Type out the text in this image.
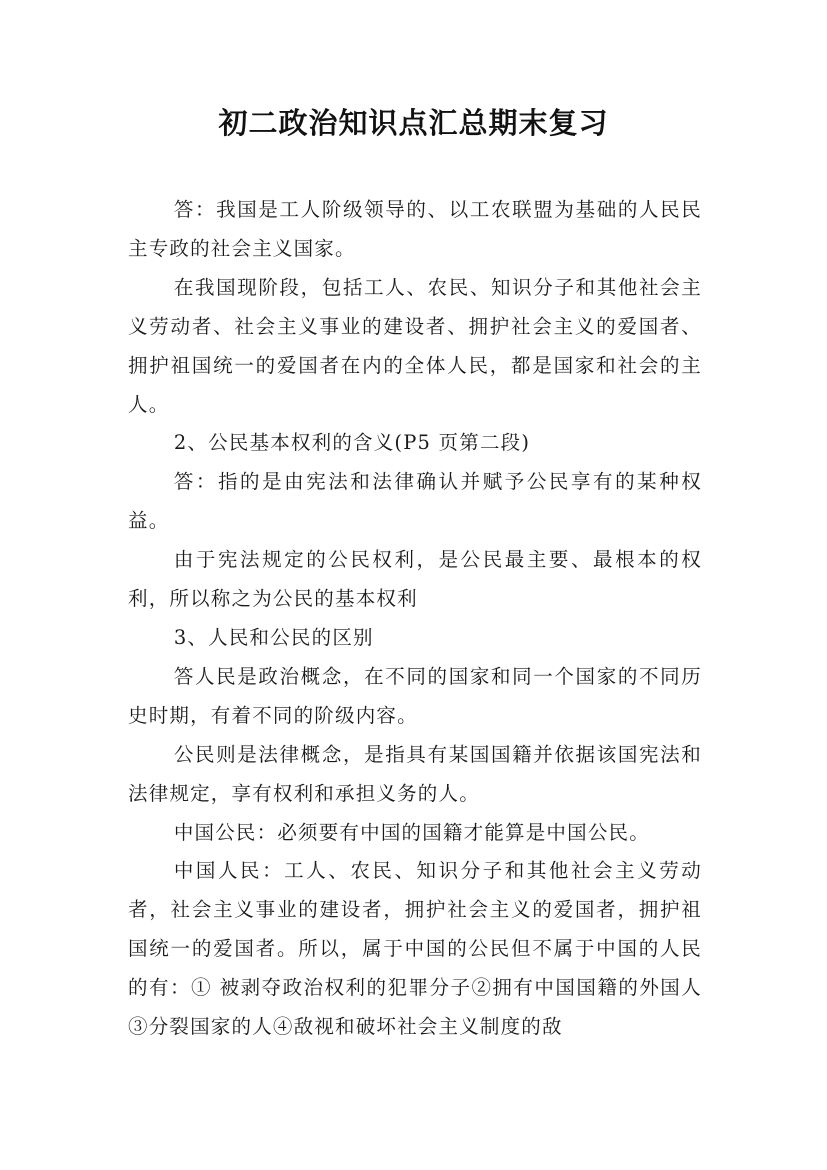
初二政治知识点汇总期末复习

答：我国是工人阶级领导的、以工农联盟为基础的人民民主专政的社会主义国家。

在我国现阶段，包括工人、农民、知识分子和其他社会主义劳动者、社会主义事业的建设者、拥护社会主义的爱国者、拥护祖国统一的爱国者在内的全体人民，都是国家和社会的主人。

2、公民基本权利的含义(P5 页第二段)

答：指的是由宪法和法律确认并赋予公民享有的某种权益。

由于宪法规定的公民权利，是公民最主要、最根本的权利，所以称之为公民的基本权利

3、人民和公民的区别

答人民是政治概念，在不同的国家和同一个国家的不同历史时期，有着不同的阶级内容。

公民则是法律概念，是指具有某国国籍并依据该国宪法和法律规定，享有权利和承担义务的人。

中国公民：必须要有中国的国籍才能算是中国公民。

中国人民：工人、农民、知识分子和其他社会主义劳动者，社会主义事业的建设者，拥护社会主义的爱国者，拥护祖国统一的爱国者。所以，属于中国的公民但不属于中国的人民的有：① 被剥夺政治权利的犯罪分子②拥有中国国籍的外国人③分裂国家的人④敌视和破坏社会主义制度的敌
